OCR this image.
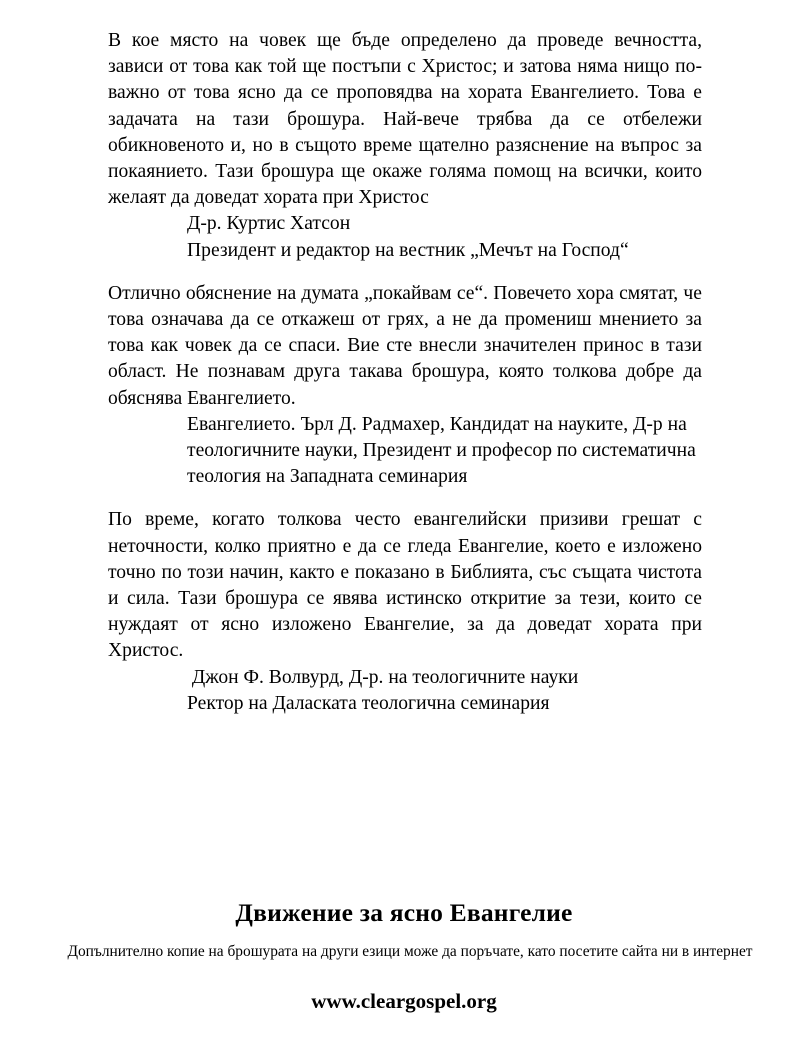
В кое място на човек ще бъде определено да проведе вечността, зависи от това как той ще постъпи с Христос; и затова няма нищо по-важно от това ясно да се проповядва на хората Евангелието. Това е задачата на тази брошура. Най-вече трябва да се отбележи обикновеното и, но в същото време щателно разяснение на въпрос за покаянието. Тази брошура ще окаже голяма помощ на всички, които желаят да доведат хората при Христос

Д-р. Куртис Хатсон
Президент и редактор на вестник „Мечът на Господ“

Отлично обяснение на думата „покайвам се“. Повечето хора смятат, че това означава да се откажеш от грях, а не да промениш мнението за това как човек да се спаси. Вие сте внесли значителен принос в тази област. Не познавам друга такава брошура, която толкова добре да обяснява Евангелието.

Евангелието. Ърл Д. Радмахер, Кандидат на науките, Д-р на теологичните науки, Президент и професор по систематична теология на Западната семинария

По време, когато толкова често евангелийски призиви грешат с неточности, колко приятно е да се гледа Евангелие, което е изложено точно по този начин, както е показано в Библията, със същата чистота и сила. Тази брошура се явява истинско откритие за тези, които се нуждаят от ясно изложено Евангелие, за да доведат хората при Христос.

Джон Ф. Волвурд, Д-р. на теологичните науки
Ректор на Даласката теологична семинария
Движение за ясно Евангелие
Допълнително копие на брошурата на други езици може да поръчате, като посетите сайта ни в интернет
www.cleargospel.org
